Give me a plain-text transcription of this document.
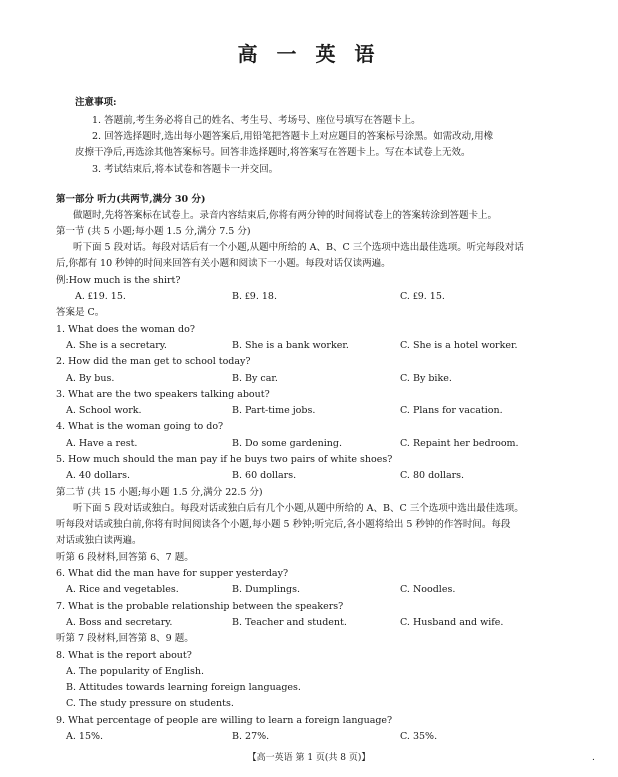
高 一 英 语
注意事项:
1. 答题前,考生务必将自己的姓名、考生号、考场号、座位号填写在答题卡上。
2. 回答选择题时,选出每小题答案后,用铅笔把答题卡上对应题目的答案标号涂黑。如需改动,用橡
皮擦干净后,再选涂其他答案标号。回答非选择题时,将答案写在答题卡上。写在本试卷上无效。
3. 考试结束后,将本试卷和答题卡一并交回。
第一部分 听力(共两节,满分 30 分)
做题时,先将答案标在试卷上。录音内容结束后,你将有两分钟的时间将试卷上的答案转涂到答题卡上。
第一节 (共 5 小题;每小题 1.5 分,满分 7.5 分)
听下面 5 段对话。每段对话后有一个小题,从题中所给的 A、B、C 三个选项中选出最佳选项。听完每段对话
后,你都有 10 秒钟的时间来回答有关小题和阅读下一小题。每段对话仅读两遍。
例:How much is the shirt?
A. ₤19. 15.	B. ₤9. 18.	C. ₤9. 15.
答案是 C。
1. What does the woman do?
A. She is a secretary.	B. She is a bank worker.	C. She is a hotel worker.
2. How did the man get to school today?
A. By bus.	B. By car.	C. By bike.
3. What are the two speakers talking about?
A. School work.	B. Part-time jobs.	C. Plans for vacation.
4. What is the woman going to do?
A. Have a rest.	B. Do some gardening.	C. Repaint her bedroom.
5. How much should the man pay if he buys two pairs of white shoes?
A. 40 dollars.	B. 60 dollars.	C. 80 dollars.
第二节 (共 15 小题;每小题 1.5 分,满分 22.5 分)
听下面 5 段对话或独白。每段对话或独白后有几个小题,从题中所给的 A、B、C 三个选项中选出最佳选项。
听每段对话或独白前,你将有时间阅读各个小题,每小题 5 秒钟;听完后,各小题将给出 5 秒钟的作答时间。每段
对话或独白读两遍。
听第 6 段材料,回答第 6、7 题。
6. What did the man have for supper yesterday?
A. Rice and vegetables.	B. Dumplings.	C. Noodles.
7. What is the probable relationship between the speakers?
A. Boss and secretary.	B. Teacher and student.	C. Husband and wife.
听第 7 段材料,回答第 8、9 题。
8. What is the report about?
A. The popularity of English.
B. Attitudes towards learning foreign languages.
C. The study pressure on students.
9. What percentage of people are willing to learn a foreign language?
A. 15%.	B. 27%.	C. 35%.
【高一英语 第 1 页(共 8 页)】	.
